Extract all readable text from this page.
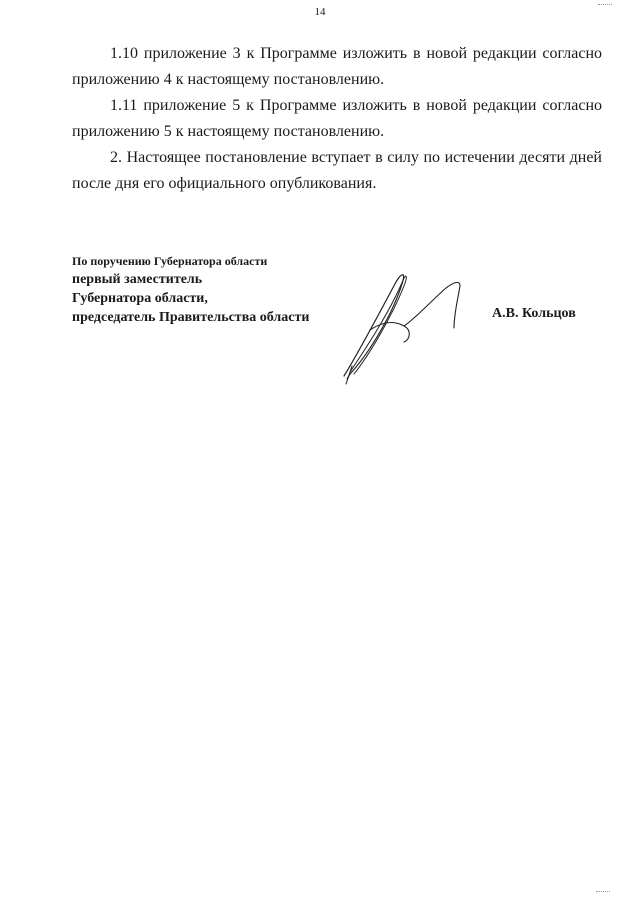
14

1.10 приложение 3 к Программе изложить в новой редакции согласно приложению 4 к настоящему постановлению.

1.11 приложение 5 к Программе изложить в новой редакции согласно приложению 5 к настоящему постановлению.

2. Настоящее постановление вступает в силу по истечении десяти дней после дня его официального опубликования.

По поручению Губернатора области
первый заместитель
Губернатора области,
председатель Правительства области	А.В. Кольцов
